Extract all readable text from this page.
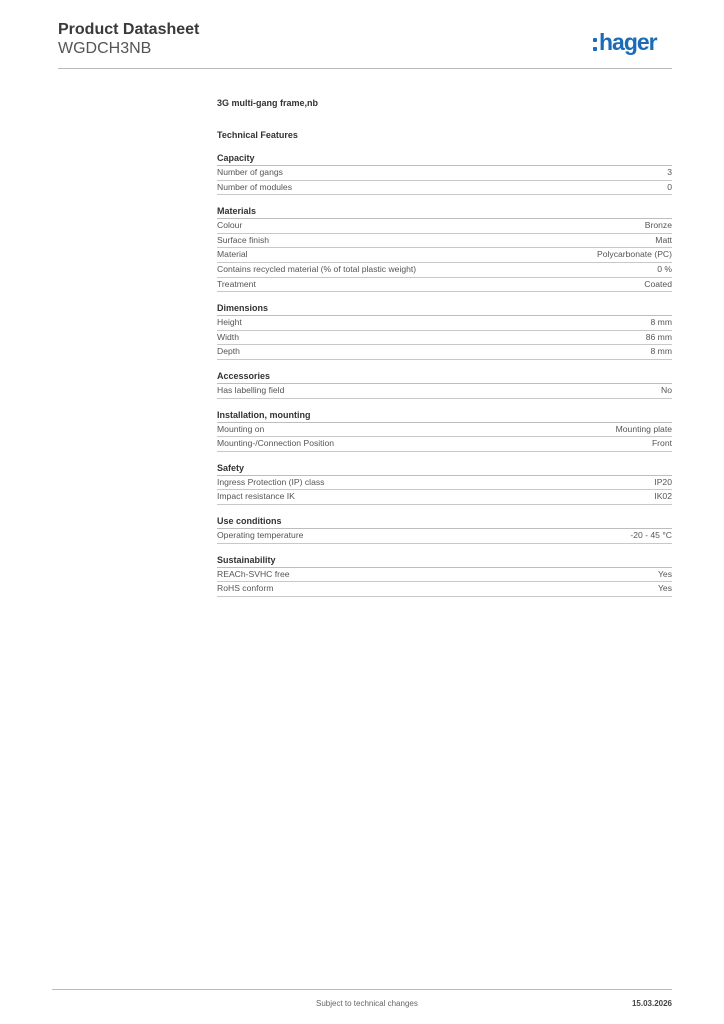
Product Datasheet
WGDCH3NB	hager
3G multi-gang frame,nb
Technical Features
Capacity
Number of gangs	3
Number of modules	0
Materials
Colour	Bronze
Surface finish	Matt
Material	Polycarbonate (PC)
Contains recycled material (% of total plastic weight)	0 %
Treatment	Coated
Dimensions
Height	8 mm
Width	86 mm
Depth	8 mm
Accessories
Has labelling field	No
Installation, mounting
Mounting on	Mounting plate
Mounting-/Connection Position	Front
Safety
Ingress Protection (IP) class	IP20
Impact resistance IK	IK02
Use conditions
Operating temperature	-20 - 45 °C
Sustainability
REACh-SVHC free	Yes
RoHS conform	Yes
Subject to technical changes	15.03.2026
